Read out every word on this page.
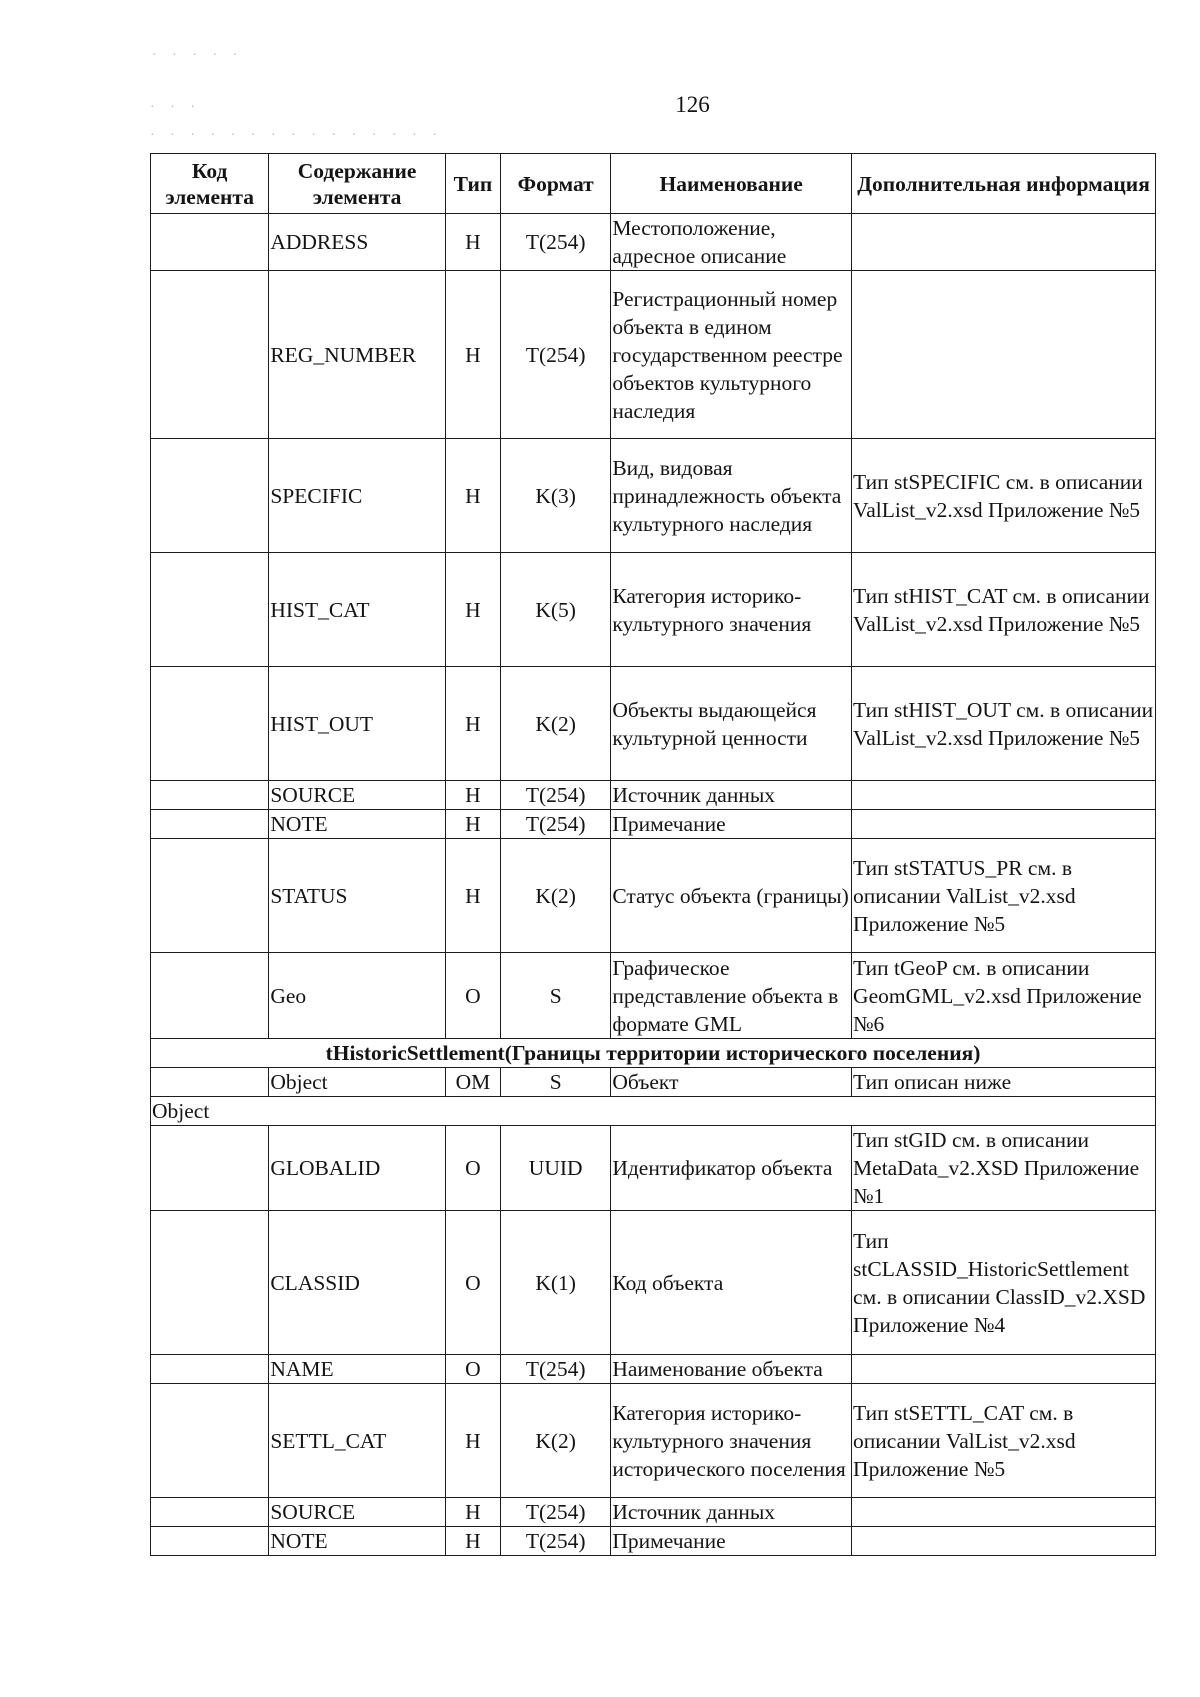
· · · · ·
· · ·
· · · · · · · · · · · · · · ·
126
Код элемента	Содержание элемента	Тип	Формат	Наименование	Дополнительная информация
	ADDRESS	Н	T(254)	Местоположение, адресное описание	
	REG_NUMBER	Н	T(254)	Регистрационный номер объекта в едином государственном реестре объектов культурного наследия	
	SPECIFIC	Н	K(3)	Вид, видовая принадлежность объекта культурного наследия	Тип stSPECIFIC см. в описании ValList_v2.xsd Приложение №5
	HIST_CAT	Н	K(5)	Категория историко-культурного значения	Тип stHIST_CAT см. в описании ValList_v2.xsd Приложение №5
	HIST_OUT	Н	K(2)	Объекты выдающейся культурной ценности	Тип stHIST_OUT см. в описании ValList_v2.xsd Приложение №5
	SOURCE	Н	T(254)	Источник данных	
	NOTE	Н	T(254)	Примечание	
	STATUS	Н	K(2)	Статус объекта (границы)	Тип stSTATUS_PR см. в описании ValList_v2.xsd Приложение №5
	Geo	О	S	Графическое представление объекта в формате GML	Тип tGeoP см. в описании GeomGML_v2.xsd Приложение №6
tHistoricSettlement(Границы территории исторического поселения)					
	Object	ОМ	S	Объект	Тип описан ниже
Object					
	GLOBALID	О	UUID	Идентификатор объекта	Тип stGID см. в описании MetaData_v2.XSD Приложение №1
	CLASSID	О	K(1)	Код объекта	Тип stCLASSID_HistoricSettlement см. в описании ClassID_v2.XSD Приложение №4
	NAME	О	T(254)	Наименование объекта	
	SETTL_CAT	Н	K(2)	Категория историко-культурного значения исторического поселения	Тип stSETTL_CAT см. в описании ValList_v2.xsd Приложение №5
	SOURCE	Н	T(254)	Источник данных	
	NOTE	Н	T(254)	Примечание	
